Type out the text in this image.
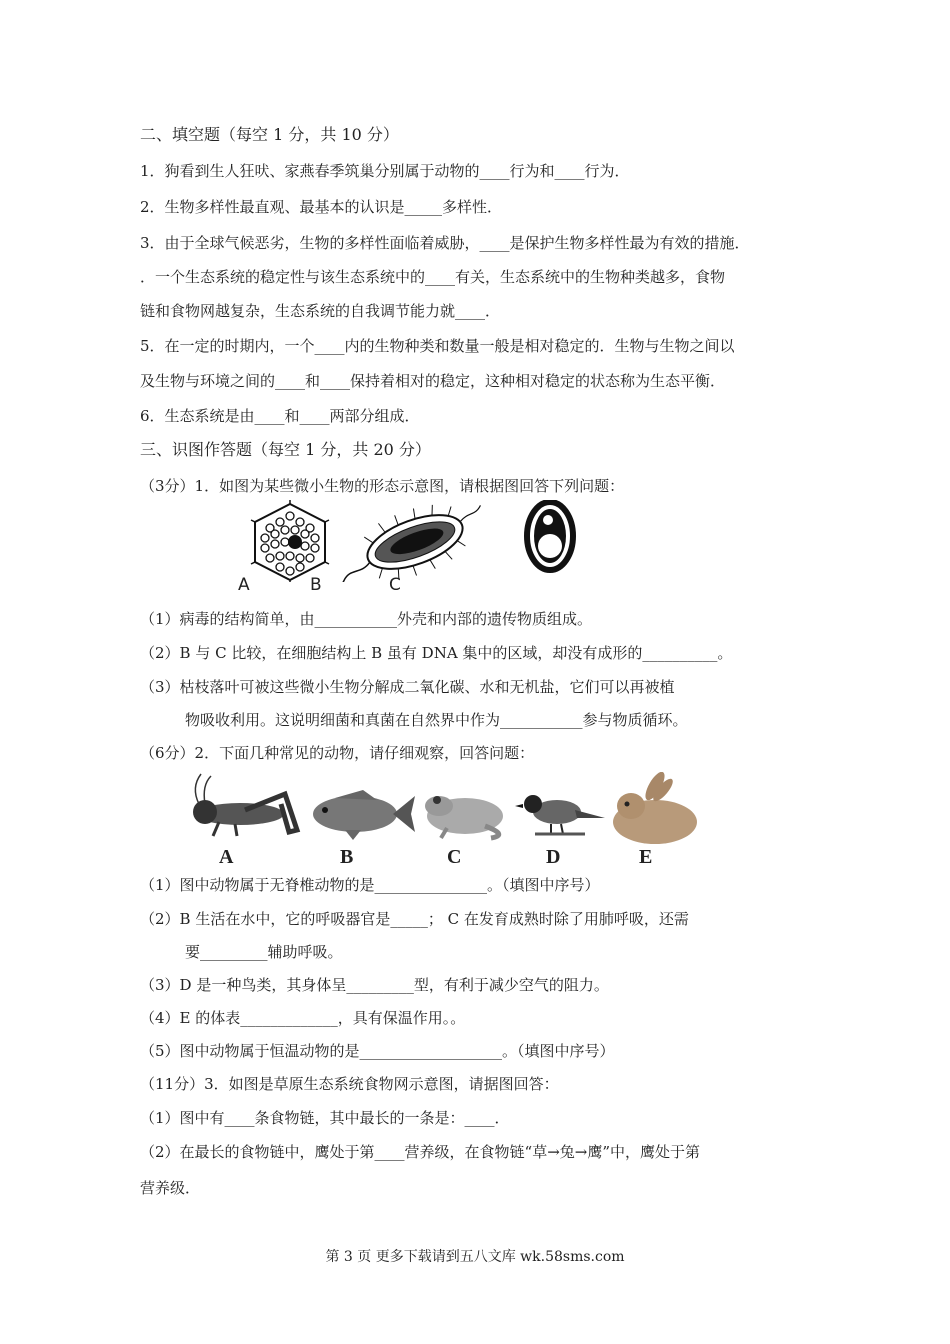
二、填空题（每空 1 分，共 10 分）
1．狗看到生人狂吠、家燕春季筑巢分别属于动物的____行为和____行为．
2．生物多样性最直观、最基本的认识是_____多样性．
3．由于全球气候恶劣，生物的多样性面临着威胁，____是保护生物多样性最为有效的措施．
．一个生态系统的稳定性与该生态系统中的____有关，生态系统中的生物种类越多，食物
链和食物网越复杂，生态系统的自我调节能力就____．
5．在一定的时期内，一个____内的生物种类和数量一般是相对稳定的．生物与生物之间以
及生物与环境之间的____和____保持着相对的稳定，这种相对稳定的状态称为生态平衡．
6．生态系统是由____和____两部分组成．
三、识图作答题（每空 1 分，共 20 分）
（3分）1．如图为某些微小生物的形态示意图，请根据图回答下列问题：
A	B	C
（1）病毒的结构简单，由___________外壳和内部的遗传物质组成。
（2）B 与 C 比较，在细胞结构上 B 虽有 DNA 集中的区域，却没有成形的__________。
（3）枯枝落叶可被这些微小生物分解成二氧化碳、水和无机盐，它们可以再被植
物吸收利用。这说明细菌和真菌在自然界中作为___________参与物质循环。
（6分）2．下面几种常见的动物，请仔细观察，回答问题：
A	B	C	D	E
（1）图中动物属于无脊椎动物的是_______________。（填图中序号）
（2）B 生活在水中，它的呼吸器官是_____； C 在发育成熟时除了用肺呼吸，还需
要_________辅助呼吸。
（3）D 是一种鸟类，其身体呈_________型，有利于减少空气的阻力。
（4）E 的体表_____________，具有保温作用。。
（5）图中动物属于恒温动物的是___________________。（填图中序号）
（11分）3．如图是草原生态系统食物网示意图，请据图回答：
（1）图中有____条食物链，其中最长的一条是：____．
（2）在最长的食物链中，鹰处于第____营养级，在食物链“草→兔→鹰”中，鹰处于第
营养级．
第 3 页 更多下载请到五八文库 wk.58sms.com
